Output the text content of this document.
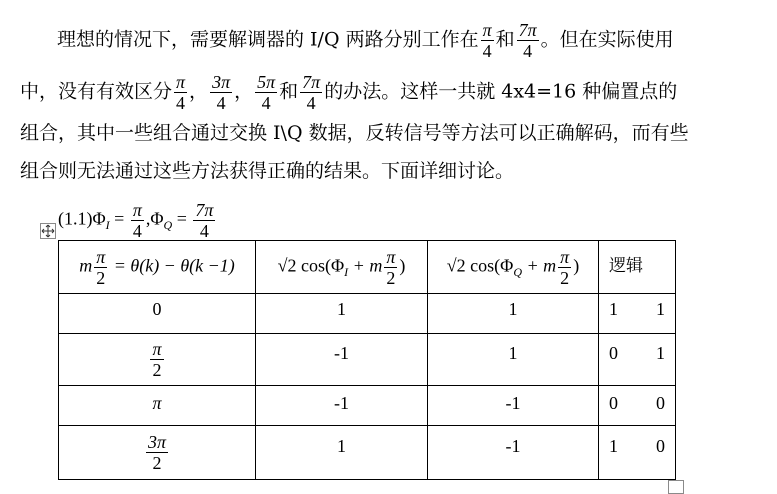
理想的情况下，需要解调器的 I/Q 两路分别工作在 $\frac{\pi}{4}$ 和 $\frac{7\pi}{4}$ 。但在实际使用
中，没有有效区分 $\frac{\pi}{4}$ ， $\frac{3\pi}{4}$ ， $\frac{5\pi}{4}$ 和 $\frac{7\pi}{4}$ 的办法。这样一共就 4x4=16 种偏置点的
组合，其中一些组合通过交换 I\Q 数据，反转信号等方法可以正确解码，而有些
组合则无法通过这些方法获得正确的结果。下面详细讨论。
$(1.1)\Phi_I = \frac{\pi}{4} ,\Phi_Q = \frac{7\pi}{4}$
m $\frac{\pi}{2} = \theta(k) - \theta(k -1)$	√2 $\cos(\Phi_I + m \frac{\pi}{2}$ )	√2 $\cos(\Phi_Q + m \frac{\pi}{2}$ )	逻辑
0	1	1	1 1

$\frac{\pi}{2}$	-1	1	0 1

π	-1	-1	0 0

$\frac{3\pi}{2}$	1	-1	1 0
